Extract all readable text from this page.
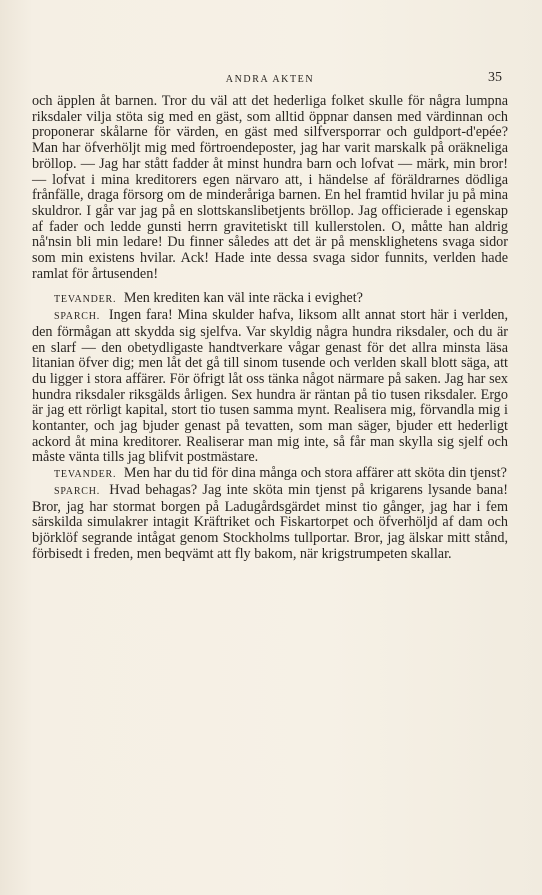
ANDRA AKTEN	35

och äpplen åt barnen. Tror du väl att det hederliga folket skulle för några lumpna riksdaler vilja stöta sig med en gäst, som alltid öppnar dansen med värdinnan och proponerar skålarne för värden, en gäst med silfversporrar och guldport-d'epée? Man har öfverhöljt mig med förtroendeposter, jag har varit marskalk på oräkneliga bröllop. — Jag har stått fadder åt minst hundra barn och lofvat — märk, min bror! — lofvat i mina kreditorers egen närvaro att, i händelse af föräldrarnes dödliga frånfälle, draga försorg om de minderåriga barnen. En hel framtid hvilar ju på mina skuldror. I går var jag på en slottskanslibetjents bröllop. Jag officierade i egenskap af fader och ledde gunsti herrn gravitetiskt till kullerstolen. O, måtte han aldrig nå'nsin bli min ledare! Du finner således att det är på mensklighetens svaga sidor som min existens hvilar. Ack! Hade inte dessa svaga sidor funnits, verlden hade ramlat för årtusenden!

TEVANDER. Men krediten kan väl inte räcka i evighet?

SPARCH. Ingen fara! Mina skulder hafva, liksom allt annat stort här i verlden, den förmågan att skydda sig sjelfva. Var skyldig några hundra riksdaler, och du är en slarf — den obetydligaste handtverkare vågar genast för det allra minsta läsa litanian öfver dig; men låt det gå till sinom tusende och verlden skall blott säga, att du ligger i stora affärer. För öfrigt låt oss tänka något närmare på saken. Jag har sex hundra riksdaler riksgälds årligen. Sex hundra är räntan på tio tusen riksdaler. Ergo är jag ett rörligt kapital, stort tio tusen samma mynt. Realisera mig, förvandla mig i kontanter, och jag bjuder genast på tevatten, som man säger, bjuder ett hederligt ackord åt mina kreditorer. Realiserar man mig inte, så får man skylla sig sjelf och måste vänta tills jag blifvit postmästare.

TEVANDER. Men har du tid för dina många och stora affärer att sköta din tjenst?

SPARCH. Hvad behagas? Jag inte sköta min tjenst på krigarens lysande bana! Bror, jag har stormat borgen på Ladugårdsgärdet minst tio gånger, jag har i fem särskilda simulakrer intagit Kräftriket och Fiskartorpet och öfverhöljd af dam och björklöf segrande intågat genom Stockholms tullportar. Bror, jag älskar mitt stånd, förbisedt i freden, men beqvämt att fly bakom, när krigstrumpeten skallar.
